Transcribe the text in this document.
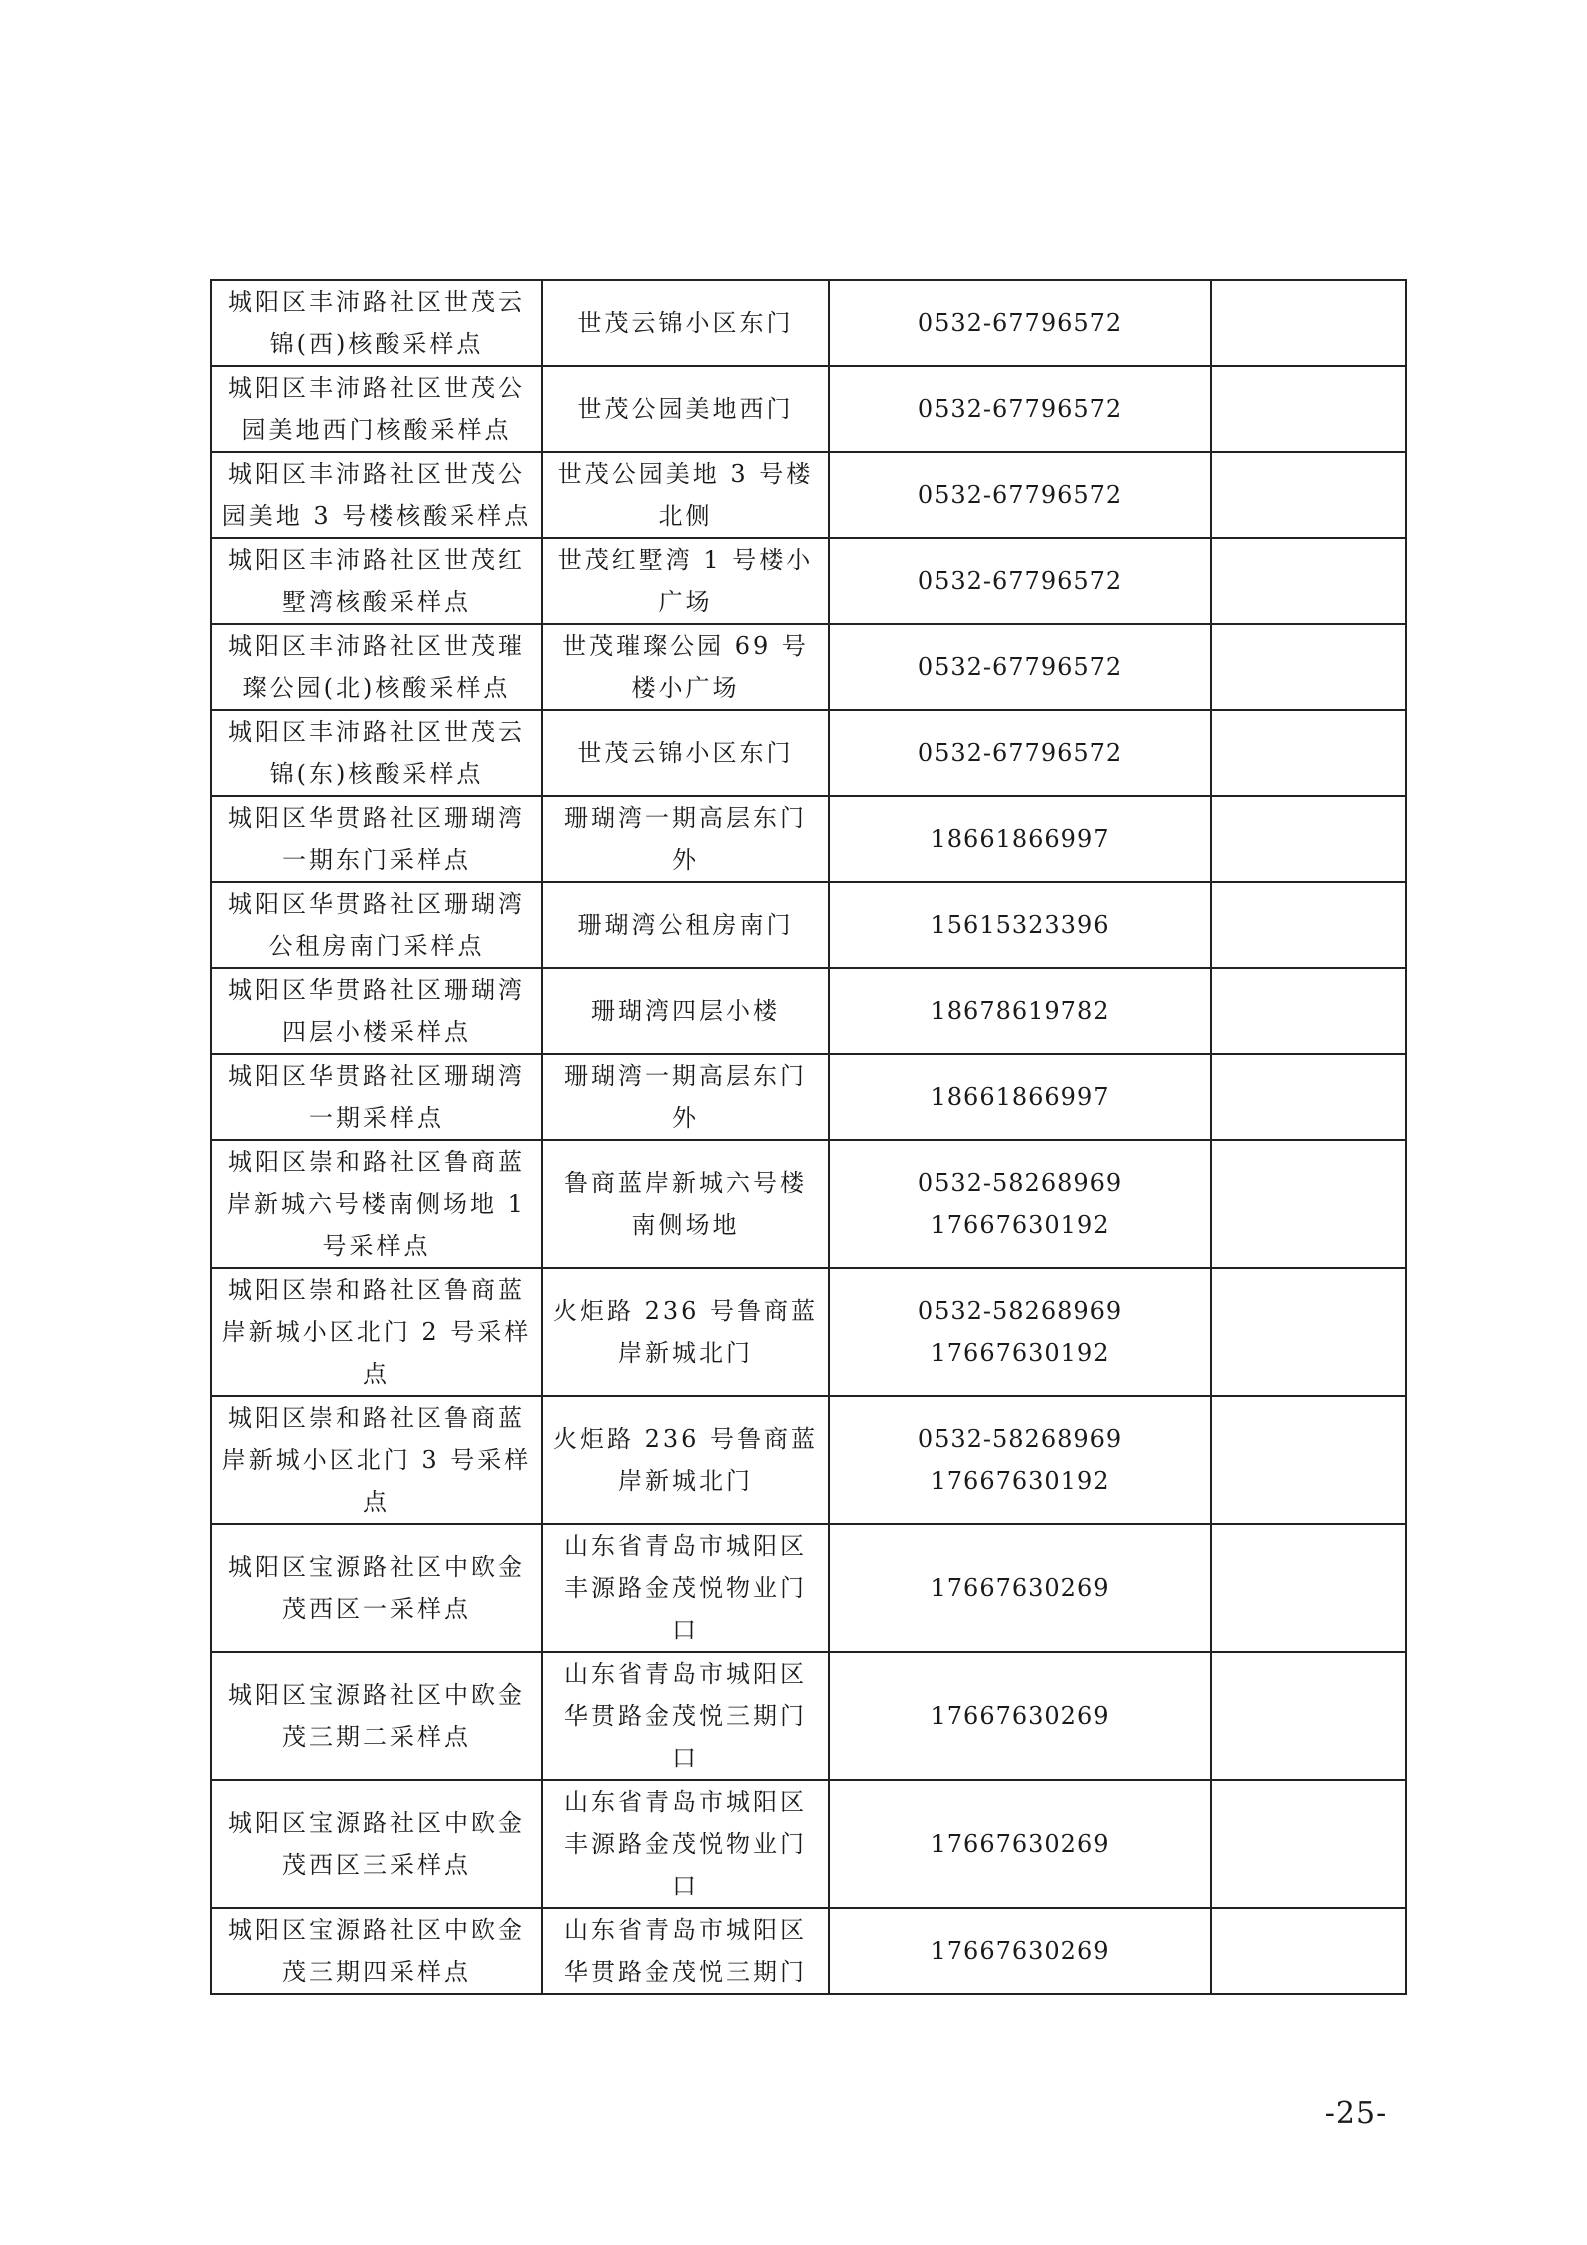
城阳区丰沛路社区世茂云锦(西)核酸采样点	世茂云锦小区东门	0532-67796572	

城阳区丰沛路社区世茂公园美地西门核酸采样点	世茂公园美地西门	0532-67796572	

城阳区丰沛路社区世茂公园美地 3 号楼核酸采样点	世茂公园美地 3 号楼北侧	0532-67796572	

城阳区丰沛路社区世茂红墅湾核酸采样点	世茂红墅湾 1 号楼小广场	0532-67796572	

城阳区丰沛路社区世茂璀璨公园(北)核酸采样点	世茂璀璨公园 69 号楼小广场	0532-67796572	

城阳区丰沛路社区世茂云锦(东)核酸采样点	世茂云锦小区东门	0532-67796572	

城阳区华贯路社区珊瑚湾一期东门采样点	珊瑚湾一期高层东门外	18661866997	

城阳区华贯路社区珊瑚湾公租房南门采样点	珊瑚湾公租房南门	15615323396	

城阳区华贯路社区珊瑚湾四层小楼采样点	珊瑚湾四层小楼	18678619782	

城阳区华贯路社区珊瑚湾一期采样点	珊瑚湾一期高层东门外	18661866997	

城阳区崇和路社区鲁商蓝岸新城六号楼南侧场地 1 号采样点	鲁商蓝岸新城六号楼南侧场地	0532-58268969
17667630192	

城阳区崇和路社区鲁商蓝岸新城小区北门 2 号采样点	火炬路 236 号鲁商蓝岸新城北门	0532-58268969
17667630192	

城阳区崇和路社区鲁商蓝岸新城小区北门 3 号采样点	火炬路 236 号鲁商蓝岸新城北门	0532-58268969
17667630192	

城阳区宝源路社区中欧金茂西区一采样点	山东省青岛市城阳区丰源路金茂悦物业门口	17667630269	

城阳区宝源路社区中欧金茂三期二采样点	山东省青岛市城阳区华贯路金茂悦三期门口	17667630269	

城阳区宝源路社区中欧金茂西区三采样点	山东省青岛市城阳区丰源路金茂悦物业门口	17667630269	

城阳区宝源路社区中欧金茂三期四采样点	山东省青岛市城阳区华贯路金茂悦三期门	17667630269	

-25-
